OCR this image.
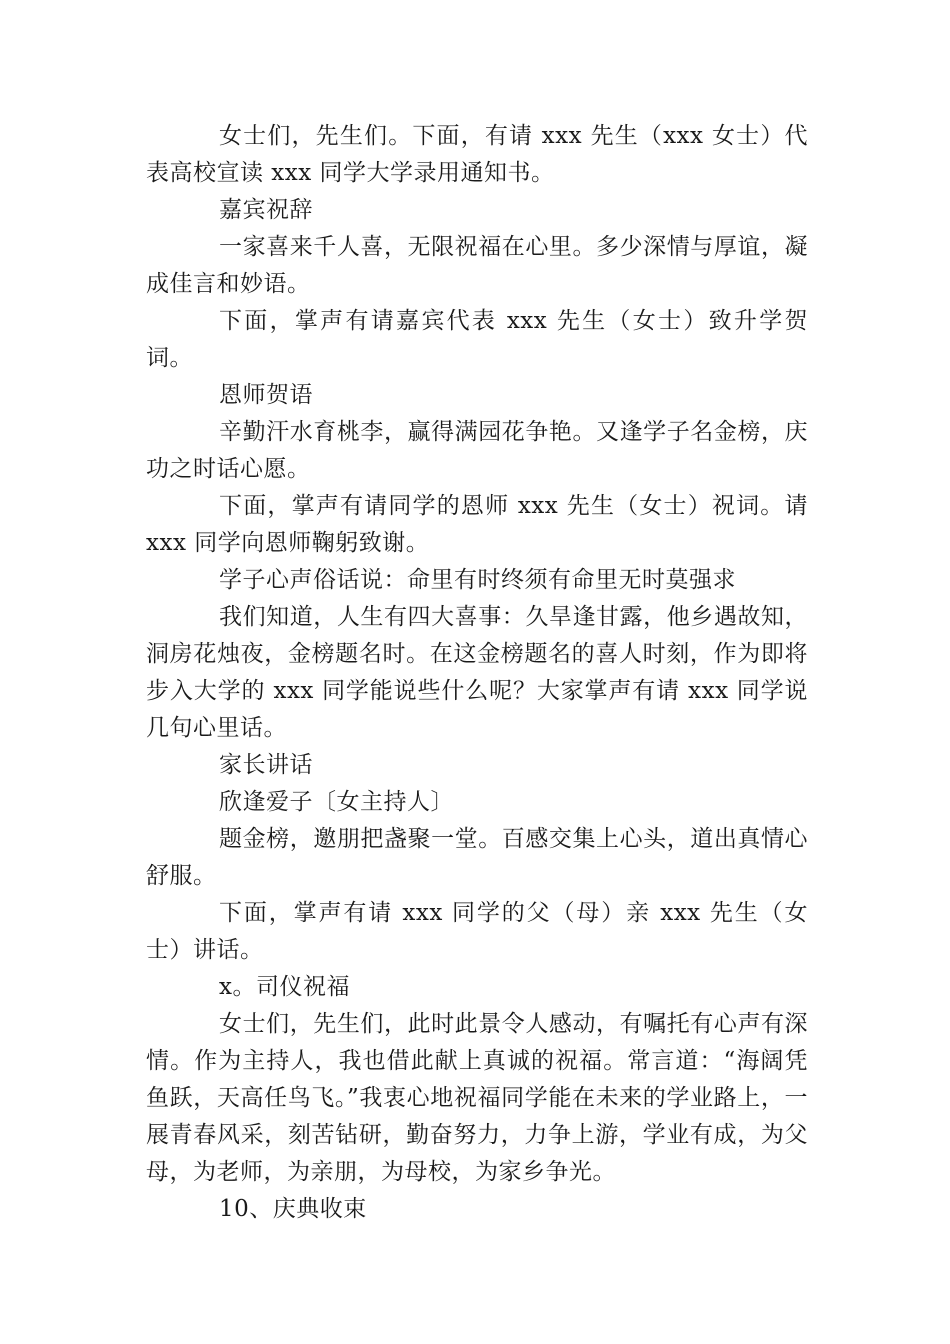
女士们，先生们。下面，有请 xxx 先生（xxx 女士）代表高校宣读 xxx 同学大学录用通知书。

嘉宾祝辞

一家喜来千人喜，无限祝福在心里。多少深情与厚谊，凝成佳言和妙语。

下面，掌声有请嘉宾代表 xxx 先生（女士）致升学贺词。

恩师贺语

辛勤汗水育桃李，赢得满园花争艳。又逢学子名金榜，庆功之时话心愿。

下面，掌声有请同学的恩师 xxx 先生（女士）祝词。请 xxx 同学向恩师鞠躬致谢。

学子心声俗话说：命里有时终须有命里无时莫强求

我们知道，人生有四大喜事：久旱逢甘露，他乡遇故知，洞房花烛夜，金榜题名时。在这金榜题名的喜人时刻，作为即将步入大学的 xxx 同学能说些什么呢？大家掌声有请 xxx 同学说几句心里话。

家长讲话

欣逢爱子〔女主持人〕

题金榜，邀朋把盏聚一堂。百感交集上心头，道出真情心舒服。

下面，掌声有请 xxx 同学的父（母）亲 xxx 先生（女士）讲话。

x。司仪祝福

女士们，先生们，此时此景令人感动，有嘱托有心声有深情。作为主持人，我也借此献上真诚的祝福。常言道：“海阔凭鱼跃，天高任鸟飞。”我衷心地祝福同学能在未来的学业路上，一展青春风采，刻苦钻研，勤奋努力，力争上游，学业有成，为父母，为老师，为亲朋，为母校，为家乡争光。

10、庆典收束
